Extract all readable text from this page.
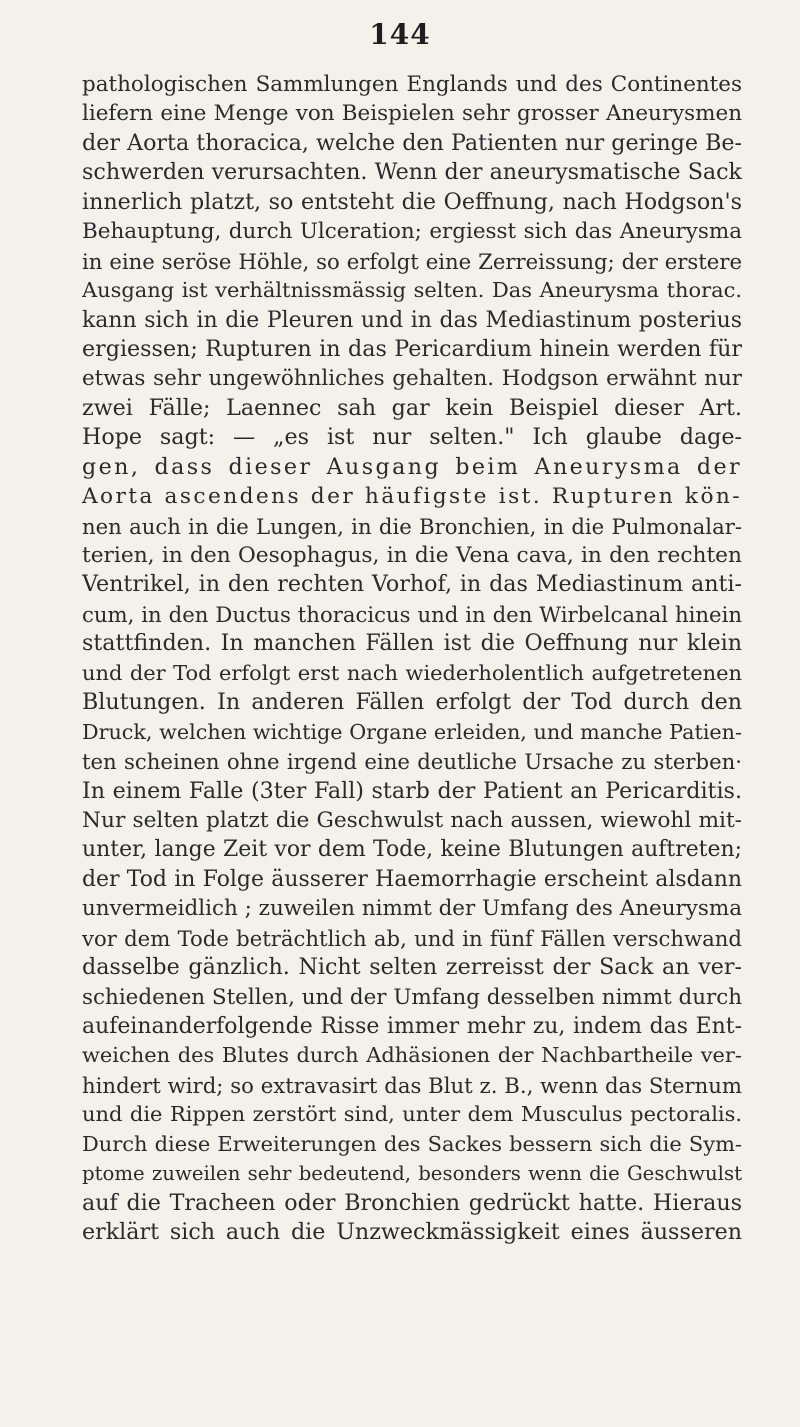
144
pathologischen Sammlungen Englands und des Continentes
liefern eine Menge von Beispielen sehr grosser Aneurysmen
der Aorta thoracica, welche den Patienten nur geringe Be-
schwerden verursachten. Wenn der aneurysmatische Sack
innerlich platzt, so entsteht die Oeffnung, nach Hodgson's
Behauptung, durch Ulceration; ergiesst sich das Aneurysma
in eine seröse Höhle, so erfolgt eine Zerreissung; der erstere
Ausgang ist verhältnissmässig selten. Das Aneurysma thorac.
kann sich in die Pleuren und in das Mediastinum posterius
ergiessen; Rupturen in das Pericardium hinein werden für
etwas sehr ungewöhnliches gehalten. Hodgson erwähnt nur
zwei Fälle; Laennec sah gar kein Beispiel dieser Art.
Hope sagt: — „es ist nur selten." Ich glaube dage-
gen, dass dieser Ausgang beim Aneurysma der
Aorta ascendens der häufigste ist. Rupturen kön-
nen auch in die Lungen, in die Bronchien, in die Pulmonalar-
terien, in den Oesophagus, in die Vena cava, in den rechten
Ventrikel, in den rechten Vorhof, in das Mediastinum anti-
cum, in den Ductus thoracicus und in den Wirbelcanal hinein
stattfinden. In manchen Fällen ist die Oeffnung nur klein
und der Tod erfolgt erst nach wiederholentlich aufgetretenen
Blutungen. In anderen Fällen erfolgt der Tod durch den
Druck, welchen wichtige Organe erleiden, und manche Patien-
ten scheinen ohne irgend eine deutliche Ursache zu sterben·
In einem Falle (3ter Fall) starb der Patient an Pericarditis.
Nur selten platzt die Geschwulst nach aussen, wiewohl mit-
unter, lange Zeit vor dem Tode, keine Blutungen auftreten;
der Tod in Folge äusserer Haemorrhagie erscheint alsdann
unvermeidlich ; zuweilen nimmt der Umfang des Aneurysma
vor dem Tode beträchtlich ab, und in fünf Fällen verschwand
dasselbe gänzlich. Nicht selten zerreisst der Sack an ver-
schiedenen Stellen, und der Umfang desselben nimmt durch
aufeinanderfolgende Risse immer mehr zu, indem das Ent-
weichen des Blutes durch Adhäsionen der Nachbartheile ver-
hindert wird; so extravasirt das Blut z. B., wenn das Sternum
und die Rippen zerstört sind, unter dem Musculus pectoralis.
Durch diese Erweiterungen des Sackes bessern sich die Sym-
ptome zuweilen sehr bedeutend, besonders wenn die Geschwulst
auf die Tracheen oder Bronchien gedrückt hatte. Hieraus
erklärt sich auch die Unzweckmässigkeit eines äusseren
